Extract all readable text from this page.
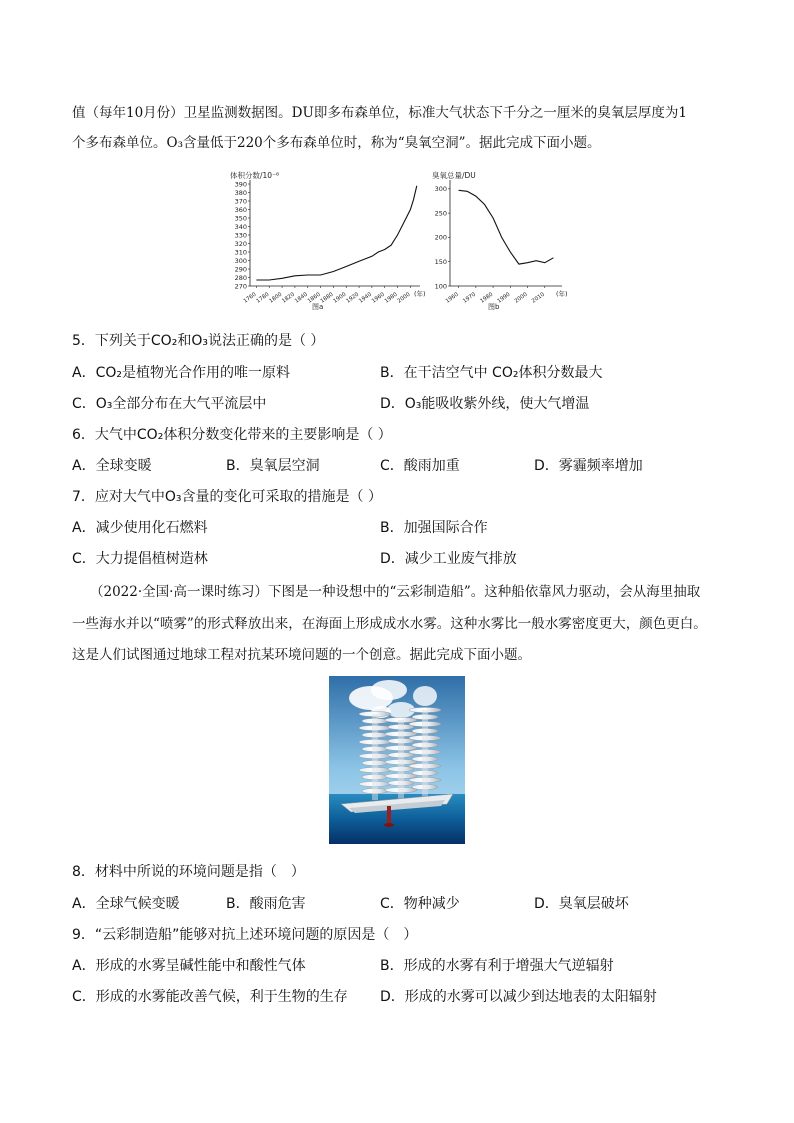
值（每年10月份）卫星监测数据图。DU即多布森单位，标准大气状态下千分之一厘米的臭氧层厚度为1
个多布森单位。O₃含量低于220个多布森单位时，称为“臭氧空洞”。据此完成下面小题。
体积分数/10⁻⁶
270
280
290
300
310
320
330
340
350
360
370
380
390
1760
1780
1800
1820
1840
1860
1880
1900
1920
1940
1960
1980
2000 (年)
图a
臭氧总量/DU
100
150
200
250
300
1960 1970 1980 1990 2000 2010 (年)
图b
5．下列关于CO₂和O₃说法正确的是（ ）
A．CO₂是植物光合作用的唯一原料	B．在干洁空气中 CO₂体积分数最大
C．O₃全部分布在大气平流层中	D．O₃能吸收紫外线，使大气增温
6．大气中CO₂体积分数变化带来的主要影响是（ ）
A．全球变暖	B．臭氧层空洞	C．酸雨加重	D．雾霾频率增加
7．应对大气中O₃含量的变化可采取的措施是（ ）
A．减少使用化石燃料	B．加强国际合作
C．大力提倡植树造林	D．减少工业废气排放
（2022·全国·高一课时练习）下图是一种设想中的“云彩制造船”。这种船依靠风力驱动，会从海里抽取
一些海水并以“喷雾”的形式释放出来，在海面上形成成水水雾。这种水雾比一般水雾密度更大，颜色更白。
这是人们试图通过地球工程对抗某环境问题的一个创意。据此完成下面小题。
8．材料中所说的环境问题是指（　）
A．全球气候变暖	B．酸雨危害	C．物种减少	D．臭氧层破坏
9．“云彩制造船”能够对抗上述环境问题的原因是（　）
A．形成的水雾呈碱性能中和酸性气体	B．形成的水雾有利于增强大气逆辐射
C．形成的水雾能改善气候，利于生物的生存 D．形成的水雾可以减少到达地表的太阳辐射
